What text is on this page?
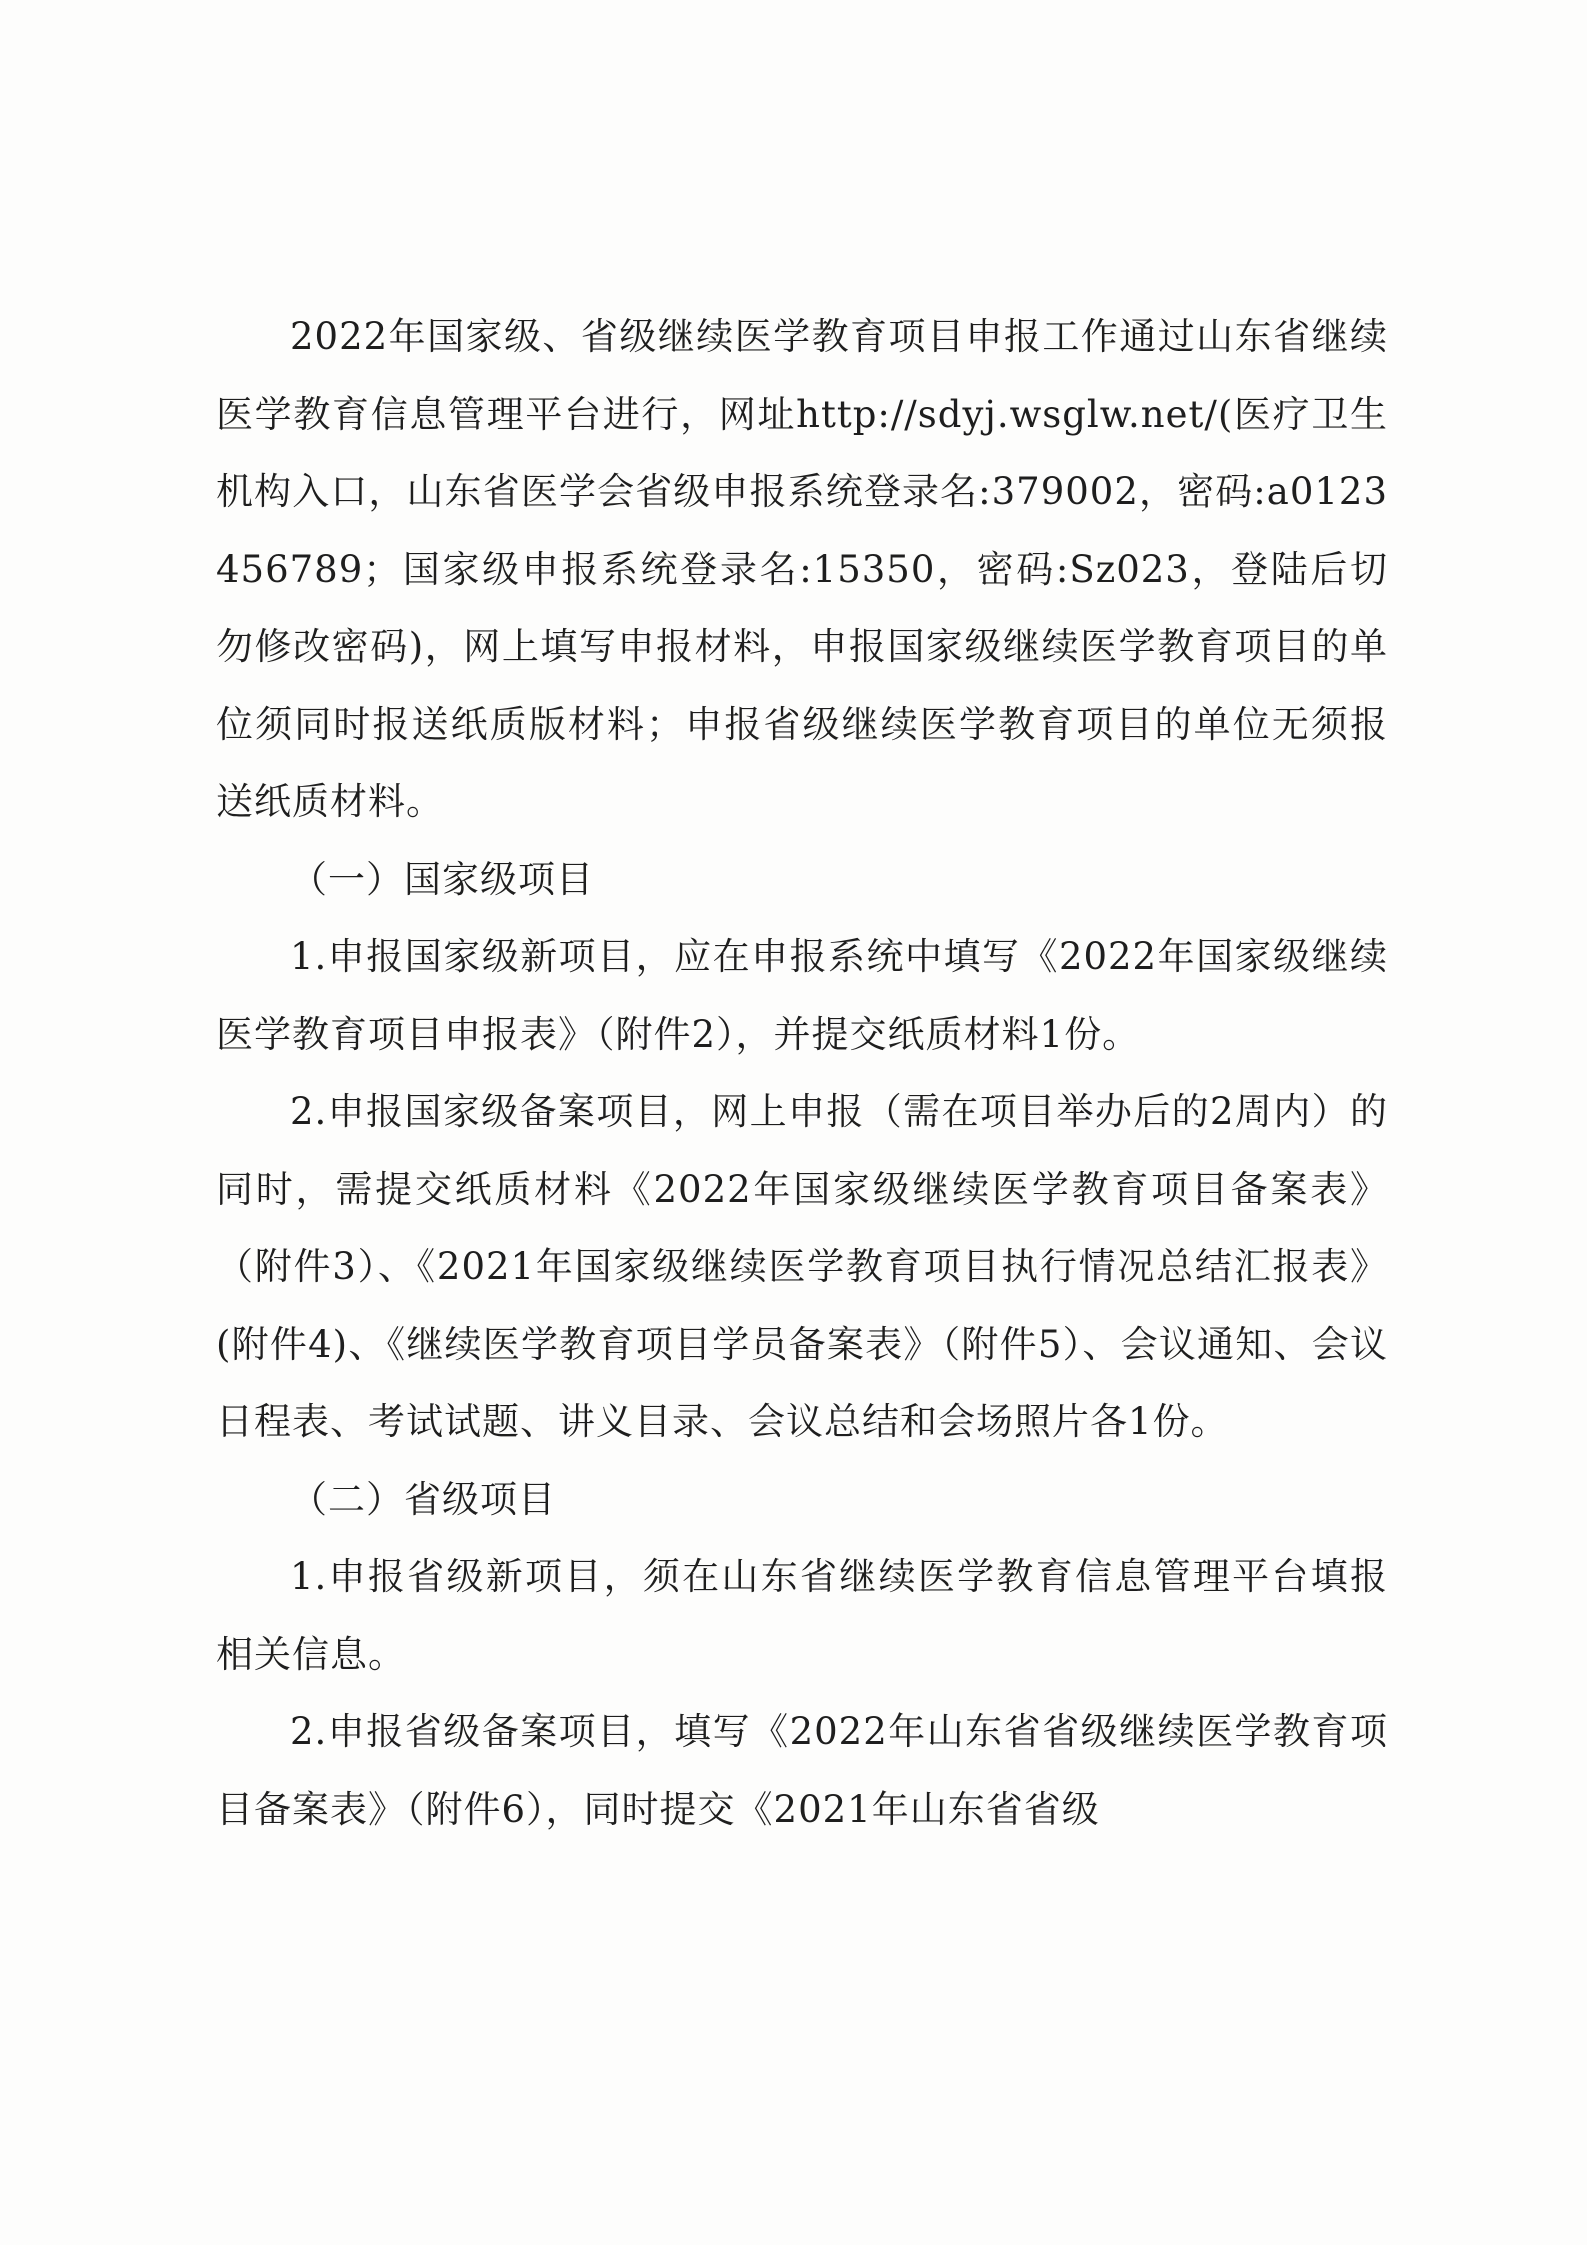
2022年国家级、省级继续医学教育项目申报工作通过山东省继续医学教育信息管理平台进行，网址http://sdyj.wsglw.net/(医疗卫生机构入口，山东省医学会省级申报系统登录名:379002，密码:a0123456789；国家级申报系统登录名:15350，密码:Sz023，登陆后切勿修改密码)，网上填写申报材料，申报国家级继续医学教育项目的单位须同时报送纸质版材料；申报省级继续医学教育项目的单位无须报送纸质材料。

（一）国家级项目

1.申报国家级新项目，应在申报系统中填写《2022年国家级继续医学教育项目申报表》（附件2），并提交纸质材料1份。

2.申报国家级备案项目，网上申报（需在项目举办后的2周内）的同时，需提交纸质材料《2022年国家级继续医学教育项目备案表》（附件3）、《2021年国家级继续医学教育项目执行情况总结汇报表》(附件4)、《继续医学教育项目学员备案表》（附件5）、会议通知、会议日程表、考试试题、讲义目录、会议总结和会场照片各1份。

（二）省级项目

1.申报省级新项目，须在山东省继续医学教育信息管理平台填报相关信息。

2.申报省级备案项目，填写《2022年山东省省级继续医学教育项目备案表》（附件6），同时提交《2021年山东省省级
